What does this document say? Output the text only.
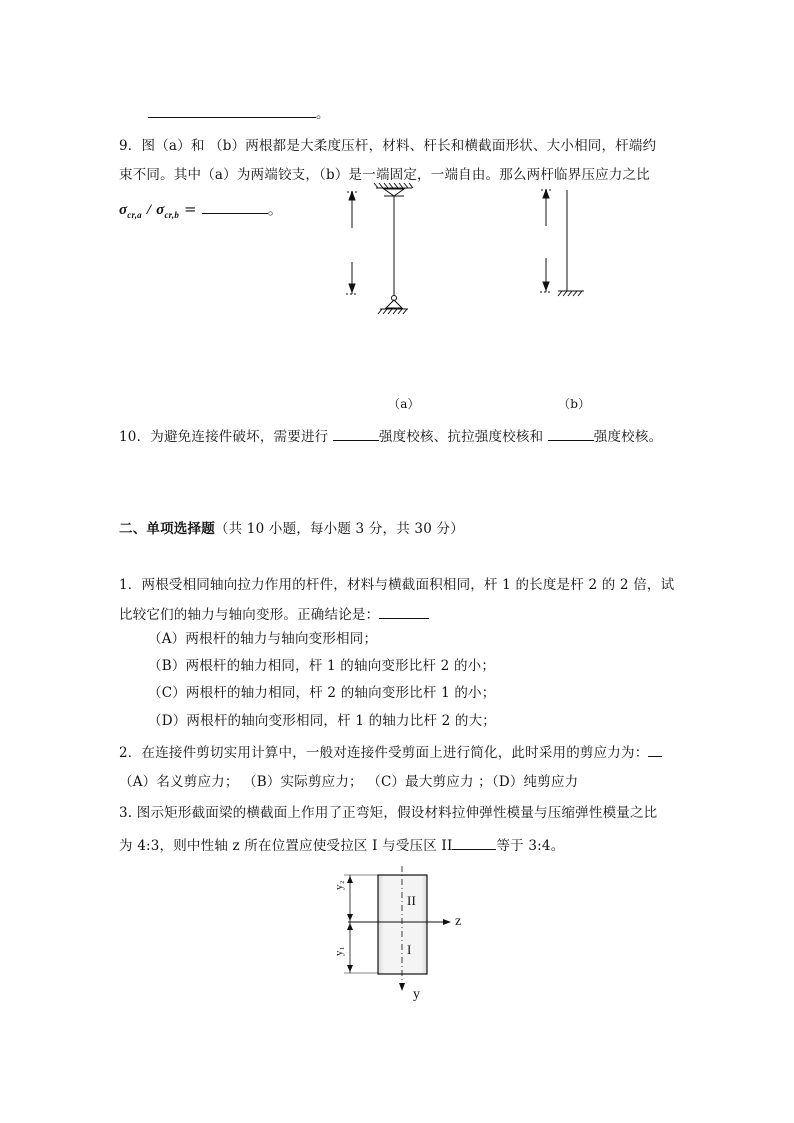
。
9．图（a）和 （b）两根都是大柔度压杆，材料、杆长和横截面形状、大小相同，杆端约
束不同。其中（a）为两端铰支，（b）是一端固定，一端自由。那么两杆临界压应力之比
$\sigma_{cr,a} / \sigma_{cr,b}$ =	。
（a）	（b）
10．为避免连接件破坏，需要进行	强度校核、抗拉强度校核和	强度校核。
二、单项选择题（共 10 小题，每小题 3 分，共 30 分）
1．两根受相同轴向拉力作用的杆件，材料与横截面积相同，杆 1 的长度是杆 2 的 2 倍，试
比较它们的轴力与轴向变形。正确结论是：
（A）两根杆的轴力与轴向变形相同；
（B）两根杆的轴力相同，杆 1 的轴向变形比杆 2 的小；
（C）两根杆的轴力相同，杆 2 的轴向变形比杆 1 的小；
（D）两根杆的轴向变形相同，杆 1 的轴力比杆 2 的大；
2．在连接件剪切实用计算中，一般对连接件受剪面上进行简化，此时采用的剪应力为：
（A）名义剪应力； （B）实际剪应力； （C）最大剪应力 ；（D）纯剪应力
3. 图示矩形截面梁的横截面上作用了正弯矩，假设材料拉伸弹性模量与压缩弹性模量之比
为 4:3，则中性轴 z 所在位置应使受拉区 I 与受压区 II	等于 3:4。
II
I
z
y
y₂
y₁
